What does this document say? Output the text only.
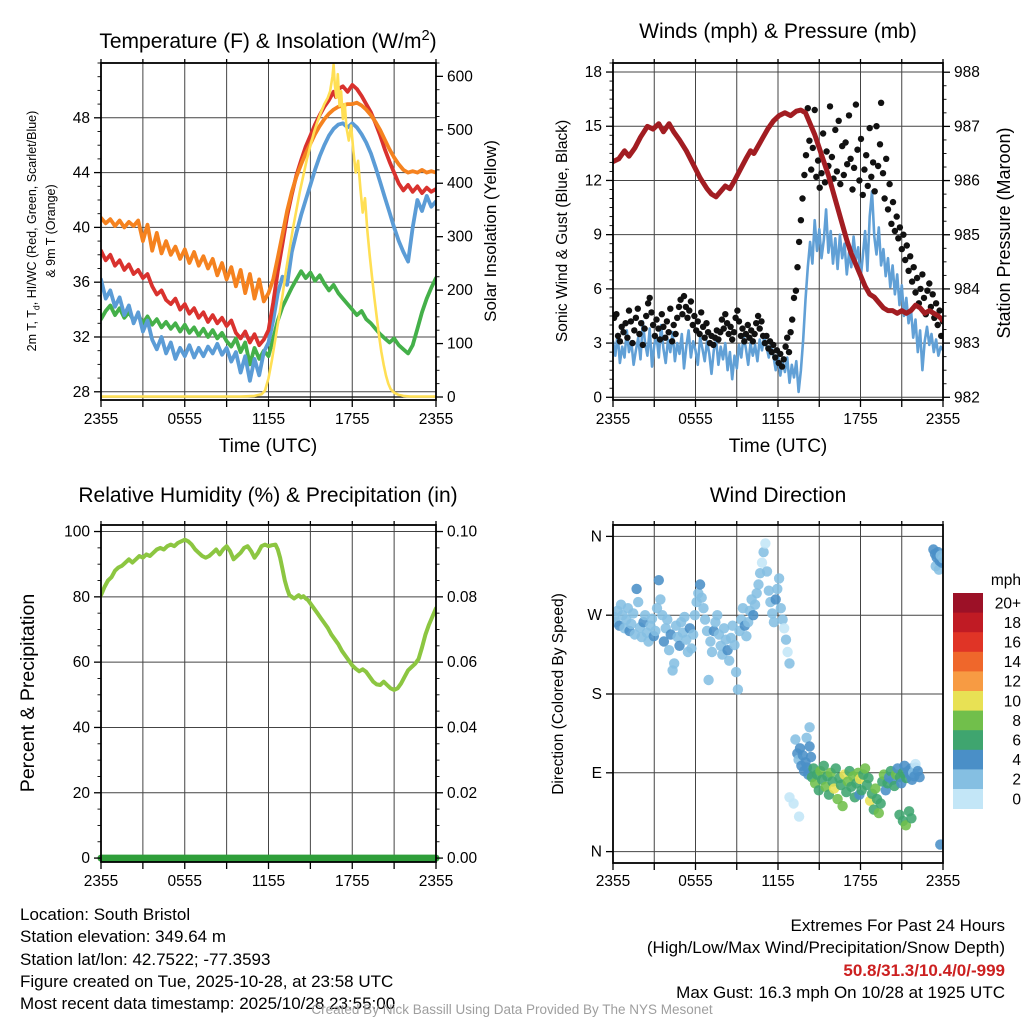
2355	0555	1155	1755	2355
28
32
36
40
44
48
0
100
200
300
400
500
600
2355	0555	1155	1755	2355
0
3
6
9
12
15
18
982
983
984
985
986
987
988
2355	0555	1155	1755	2355
0
20
40
60
80
100
0.00
0.02
0.04
0.06
0.08
0.10
2355	0555	1155	1755	2355
N
W
S
E
N
mph
20+
18
16
14
12
10
8
6
4
2
0
Temperature (F) & Insolation $(W/m^2)$	Winds (mph) & Pressure (mb)
Relative Humidity (%) & Precipitation (in)	Wind Direction
Time (UTC)	Time (UTC)
2m T, $T_d$, HI/WC (Red, Green, Scarlet/Blue) & 9m T (Orange)	Solar Insolation (Yellow)	Sonic Wind & Gust (Blue, Black)	Station Pressure (Maroon)
Percent & Precipitation	Direction (Colored By Speed)
Location: South Bristol
Station elevation: 349.64 m
Station lat/lon: 42.7522; -77.3593
Figure created on Tue, 2025-10-28, at 23:58 UTC
Most recent data timestamp: 2025/10/28 23:55:00
Extremes For Past 24 Hours
(High/Low/Max Wind/Precipitation/Snow Depth)
50.8/31.3/10.4/0/-999
Max Gust: 16.3 mph On 10/28 at 1925 UTC
Created By Nick Bassill Using Data Provided By The NYS Mesonet
